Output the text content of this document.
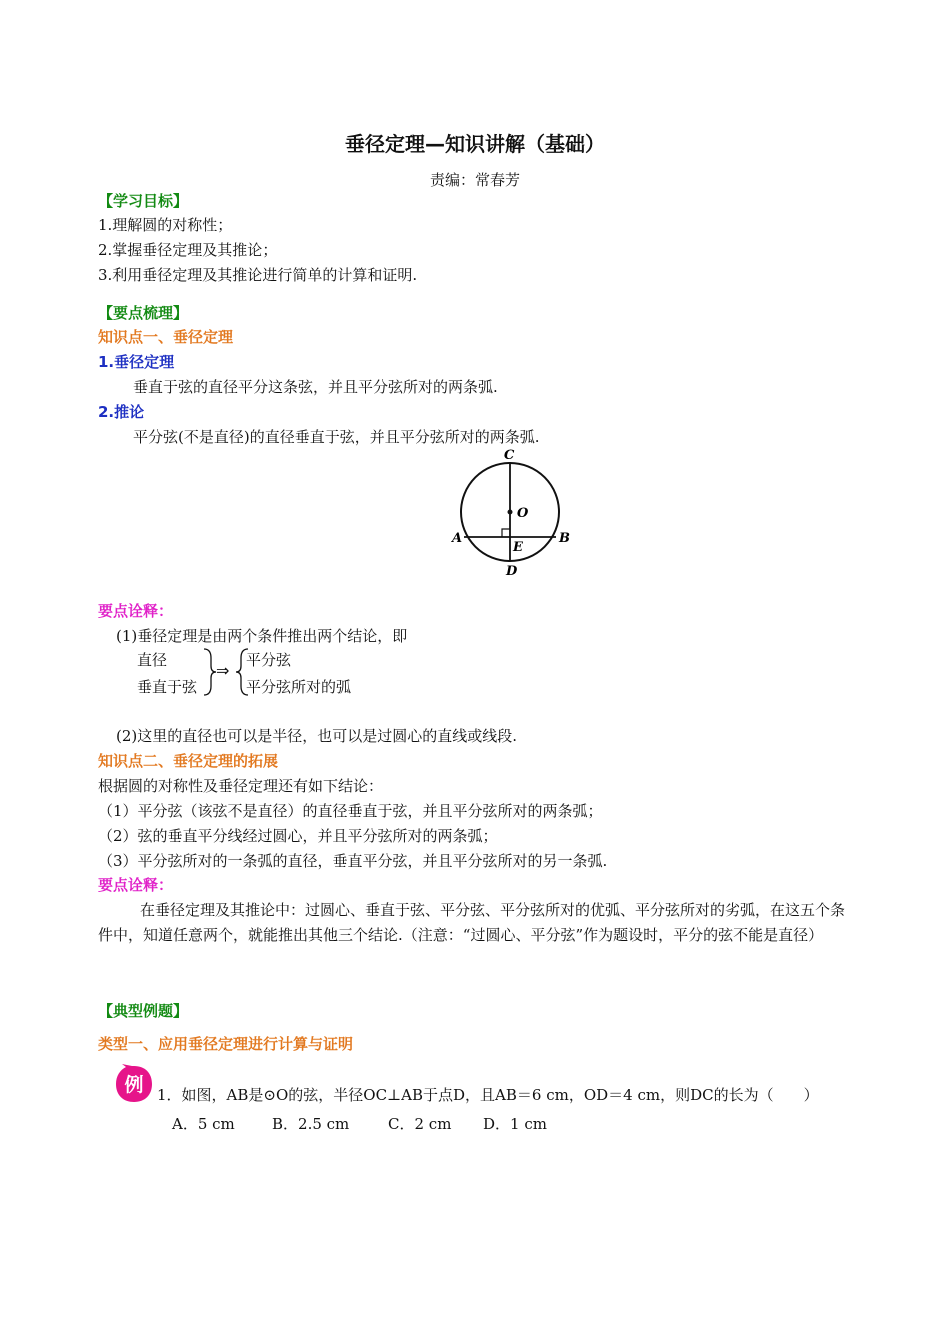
垂径定理—知识讲解（基础）
责编：常春芳
【学习目标】
1.理解圆的对称性；
2.掌握垂径定理及其推论；
3.利用垂径定理及其推论进行简单的计算和证明.
【要点梳理】
知识点一、垂径定理
1.垂径定理
垂直于弦的直径平分这条弦，并且平分弦所对的两条弧.
2.推论
平分弦(不是直径)的直径垂直于弦，并且平分弦所对的两条弧.
C
O
A	B
E
D
要点诠释：
(1)垂径定理是由两个条件推出两个结论，即
直径
垂直于弦
⇒
平分弦
平分弦所对的弧
(2)这里的直径也可以是半径，也可以是过圆心的直线或线段.
知识点二、垂径定理的拓展
根据圆的对称性及垂径定理还有如下结论：
（1）平分弦（该弦不是直径）的直径垂直于弦，并且平分弦所对的两条弧；
（2）弦的垂直平分线经过圆心，并且平分弦所对的两条弧；
（3）平分弦所对的一条弧的直径，垂直平分弦，并且平分弦所对的另一条弧.
要点诠释：
在垂径定理及其推论中：过圆心、垂直于弦、平分弦、平分弦所对的优弧、平分弦所对的劣弧，在这五个条件中，知道任意两个，就能推出其他三个结论.（注意：“过圆心、平分弦”作为题设时，平分的弦不能是直径）
【典型例题】
类型一、应用垂径定理进行计算与证明
例 1．如图，AB是⊙O的弦，半径OC⊥AB于点D，且AB＝6 cm，OD＝4 cm，则DC的长为（　　）
A．5 cm B．2.5 cm	C．2 cm D．1 cm
